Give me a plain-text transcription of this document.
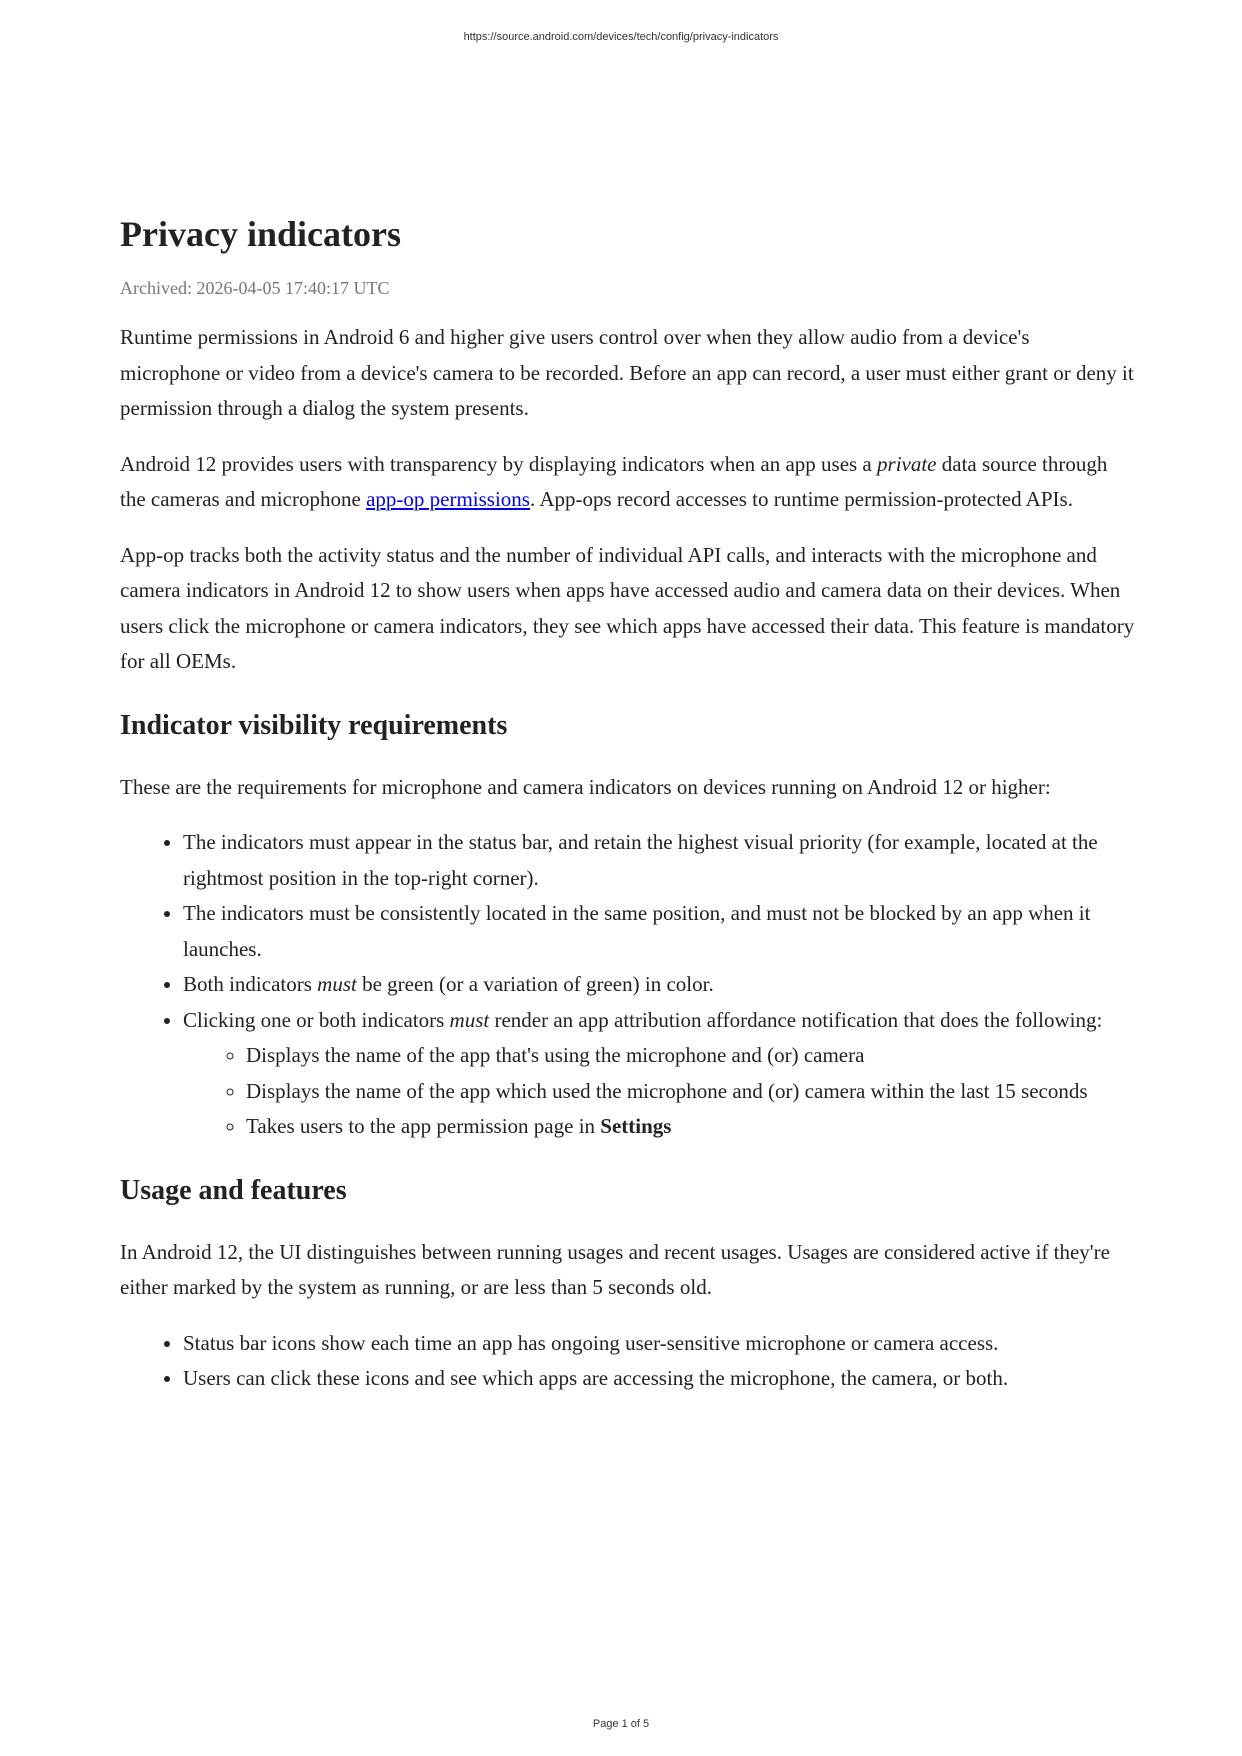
https://source.android.com/devices/tech/config/privacy-indicators
Privacy indicators
Archived: 2026-04-05 17:40:17 UTC

Runtime permissions in Android 6 and higher give users control over when they allow audio from a device's microphone or video from a device's camera to be recorded. Before an app can record, a user must either grant or deny it permission through a dialog the system presents.

Android 12 provides users with transparency by displaying indicators when an app uses a private data source through the cameras and microphone app-op permissions. App-ops record accesses to runtime permission-protected APIs.

App-op tracks both the activity status and the number of individual API calls, and interacts with the microphone and camera indicators in Android 12 to show users when apps have accessed audio and camera data on their devices. When users click the microphone or camera indicators, they see which apps have accessed their data. This feature is mandatory for all OEMs.

Indicator visibility requirements

These are the requirements for microphone and camera indicators on devices running on Android 12 or higher:

• The indicators must appear in the status bar, and retain the highest visual priority (for example, located at the rightmost position in the top-right corner).
• The indicators must be consistently located in the same position, and must not be blocked by an app when it launches.
• Both indicators must be green (or a variation of green) in color.
• Clicking one or both indicators must render an app attribution affordance notification that does the following:
◦ Displays the name of the app that's using the microphone and (or) camera
◦ Displays the name of the app which used the microphone and (or) camera within the last 15 seconds
◦ Takes users to the app permission page in Settings
Usage and features

In Android 12, the UI distinguishes between running usages and recent usages. Usages are considered active if they're either marked by the system as running, or are less than 5 seconds old.

• Status bar icons show each time an app has ongoing user-sensitive microphone or camera access.
• Users can click these icons and see which apps are accessing the microphone, the camera, or both.
Page 1 of 5
